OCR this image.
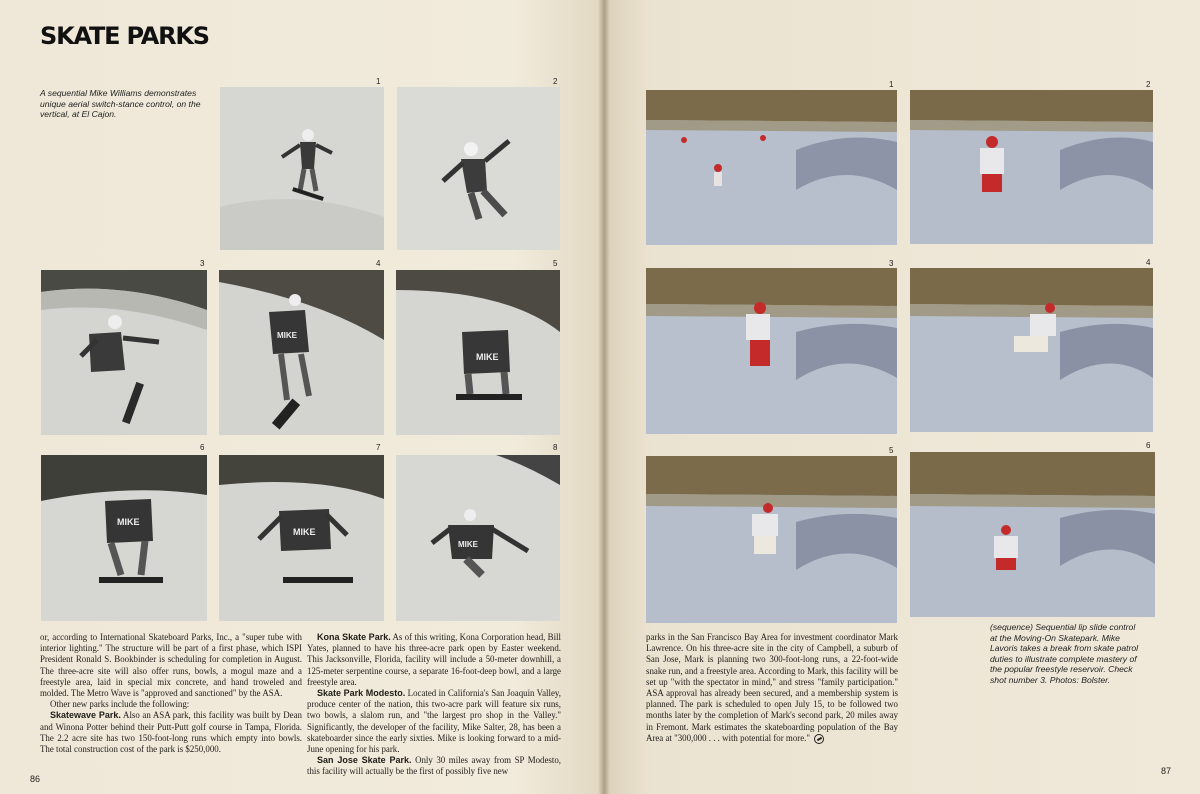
SKATE PARKS

A sequential Mike Williams demonstrates unique aerial switch-stance control, on the vertical, at El Cajon.

1	2
3	4
MIKE
5
MIKE
6
MIKE
7
MIKE
8
MIKE

or, according to International Skateboard Parks, Inc., a "super tube with interior lighting." The structure will be part of a first phase, which ISPI President Ronald S. Bookbinder is scheduling for completion in August. The three-acre site will also offer runs, bowls, a mogul maze and a freestyle area, laid in special mix concrete, and hand troweled and molded. The Metro Wave is "approved and sanctioned" by the ASA.

Other new parks include the following:

Skatewave Park. Also an ASA park, this facility was built by Dean and Winona Potter behind their Putt-Putt golf course in Tampa, Florida. The 2.2 acre site has two 150-foot-long runs which empty into bowls. The total construction cost of the park is $250,000.

Kona Skate Park. As of this writing, Kona Corporation head, Bill Yates, planned to have his three-acre park open by Easter weekend. This Jacksonville, Florida, facility will include a 50-meter downhill, a 125-meter serpentine course, a separate 16-foot-deep bowl, and a large freestyle area.

Skate Park Modesto. Located in California's San Joaquin Valley, produce center of the nation, this two-acre park will feature six runs, two bowls, a slalom run, and "the largest pro shop in the Valley." Significantly, the developer of the facility, Mike Salter, 28, has been a skateboarder since the early sixties. Mike is looking forward to a mid-June opening for his park.

San Jose Skate Park. Only 30 miles away from SP Modesto, this facility will actually be the first of possibly five new

86
1	2
3	4
5
6

(sequence) Sequential lip slide control at the Moving-On Skatepark. Mike Lavoris takes a break from skate patrol duties to illustrate complete mastery of the popular freestyle reservoir. Check shot number 3. Photos: Bolster.

parks in the San Francisco Bay Area for investment coordinator Mark Lawrence. On his three-acre site in the city of Campbell, a suburb of San Jose, Mark is planning two 300-foot-long runs, a 22-foot-wide snake run, and a freestyle area. According to Mark, this facility will be set up "with the spectator in mind," and stress "family participation." ASA approval has already been secured, and a membership system is planned. The park is scheduled to open July 15, to be followed two months later by the completion of Mark's second park, 20 miles away in Fremont. Mark estimates the skateboarding population of the Bay Area at "300,000 . . . with potential for more."

87
